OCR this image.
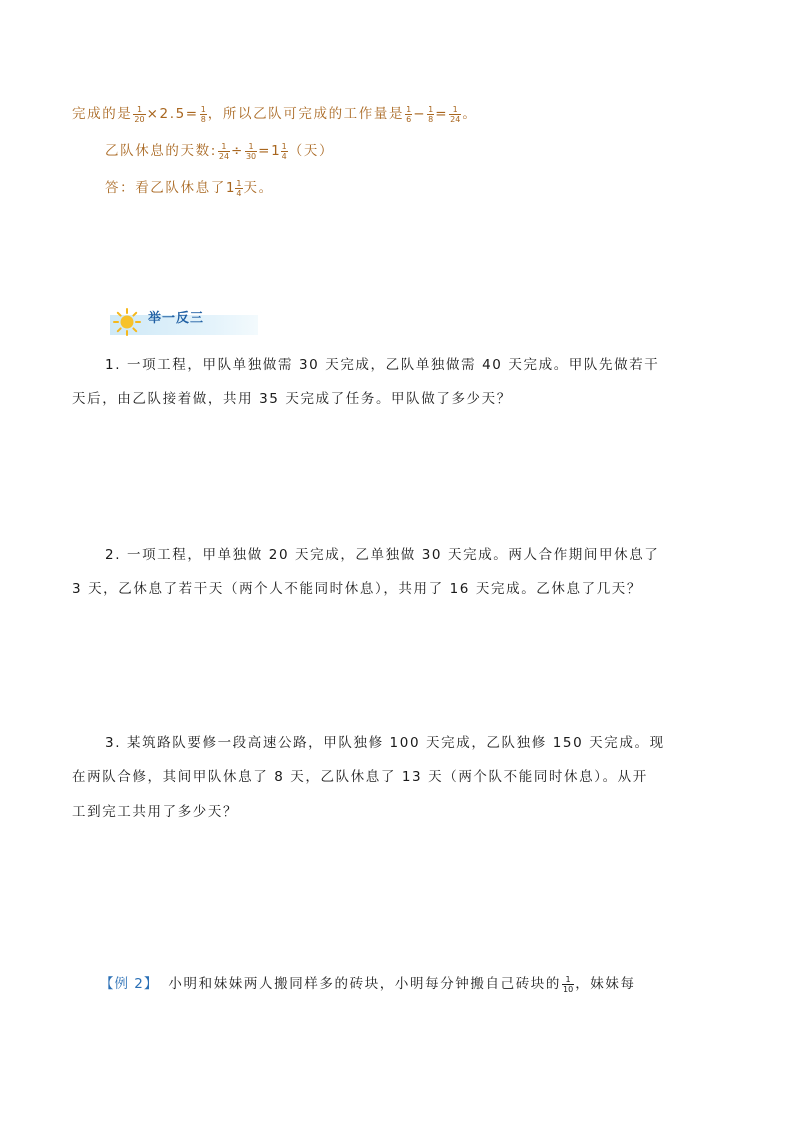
完成的是 $\frac{1}{20} \times 2.5= \frac{1}{8}$ ，所以乙队可完成的工作量是 $\frac{1}{6} - \frac{1}{8} = \frac{1}{24}$ 。
乙队休息的天数: $\frac{1}{24} \div \frac{1}{30} =1 \frac{1}{4}$ （天）
答：看乙队休息了$1 \frac{1}{4}$ 天。
举一反三
1. 一项工程，甲队单独做需 30 天完成，乙队单独做需 40 天完成。甲队先做若干
天后，由乙队接着做，共用 35 天完成了任务。甲队做了多少天？
2. 一项工程，甲单独做 20 天完成，乙单独做 30 天完成。两人合作期间甲休息了
3 天，乙休息了若干天（两个人不能同时休息），共用了 16 天完成。乙休息了几天？
3. 某筑路队要修一段高速公路，甲队独修 100 天完成，乙队独修 150 天完成。现
在两队合修，其间甲队休息了 8 天，乙队休息了 13 天（两个队不能同时休息）。从开
工到完工共用了多少天？
【例 2】 小明和妹妹两人搬同样多的砖块，小明每分钟搬自己砖块的 $\frac{1}{10}$ ，妹妹每
